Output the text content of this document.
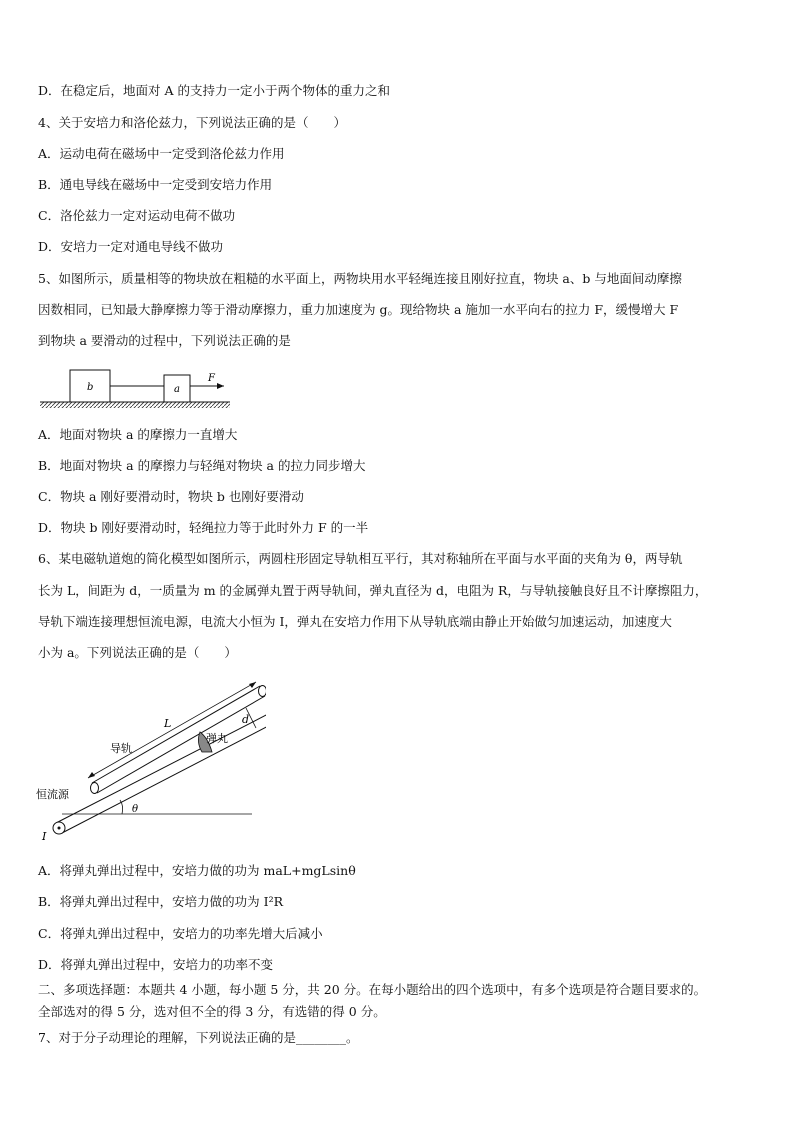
D．在稳定后，地面对 A 的支持力一定小于两个物体的重力之和
4、关于安培力和洛伦兹力，下列说法正确的是（　　）
A．运动电荷在磁场中一定受到洛伦兹力作用
B．通电导线在磁场中一定受到安培力作用
C．洛伦兹力一定对运动电荷不做功
D．安培力一定对通电导线不做功
5、如图所示，质量相等的物块放在粗糙的水平面上，两物块用水平轻绳连接且刚好拉直，物块 a、b 与地面间动摩擦
因数相同，已知最大静摩擦力等于滑动摩擦力，重力加速度为 g。现给物块 a 施加一水平向右的拉力 F，缓慢增大 F
到物块 a 要滑动的过程中，下列说法正确的是
b	a
F
A．地面对物块 a 的摩擦力一直增大
B．地面对物块 a 的摩擦力与轻绳对物块 a 的拉力同步增大
C．物块 a 刚好要滑动时，物块 b 也刚好要滑动
D．物块 b 刚好要滑动时，轻绳拉力等于此时外力 F 的一半
6、某电磁轨道炮的简化模型如图所示，两圆柱形固定导轨相互平行，其对称轴所在平面与水平面的夹角为 θ，两导轨
长为 L，间距为 d，一质量为 m 的金属弹丸置于两导轨间，弹丸直径为 d，电阻为 R，与导轨接触良好且不计摩擦阻力，
导轨下端连接理想恒流电源，电流大小恒为 I，弹丸在安培力作用下从导轨底端由静止开始做匀加速运动，加速度大
小为 a。下列说法正确的是（　　）
恒流源
I
弹丸
L	d
导轨
θ
A．将弹丸弹出过程中，安培力做的功为 maL+mgLsinθ
B．将弹丸弹出过程中，安培力做的功为 I²R
C．将弹丸弹出过程中，安培力的功率先增大后减小
D．将弹丸弹出过程中，安培力的功率不变
二、多项选择题：本题共 4 小题，每小题 5 分，共 20 分。在每小题给出的四个选项中，有多个选项是符合题目要求的。
全部选对的得 5 分，选对但不全的得 3 分，有选错的得 0 分。
7、对于分子动理论的理解，下列说法正确的是________。
